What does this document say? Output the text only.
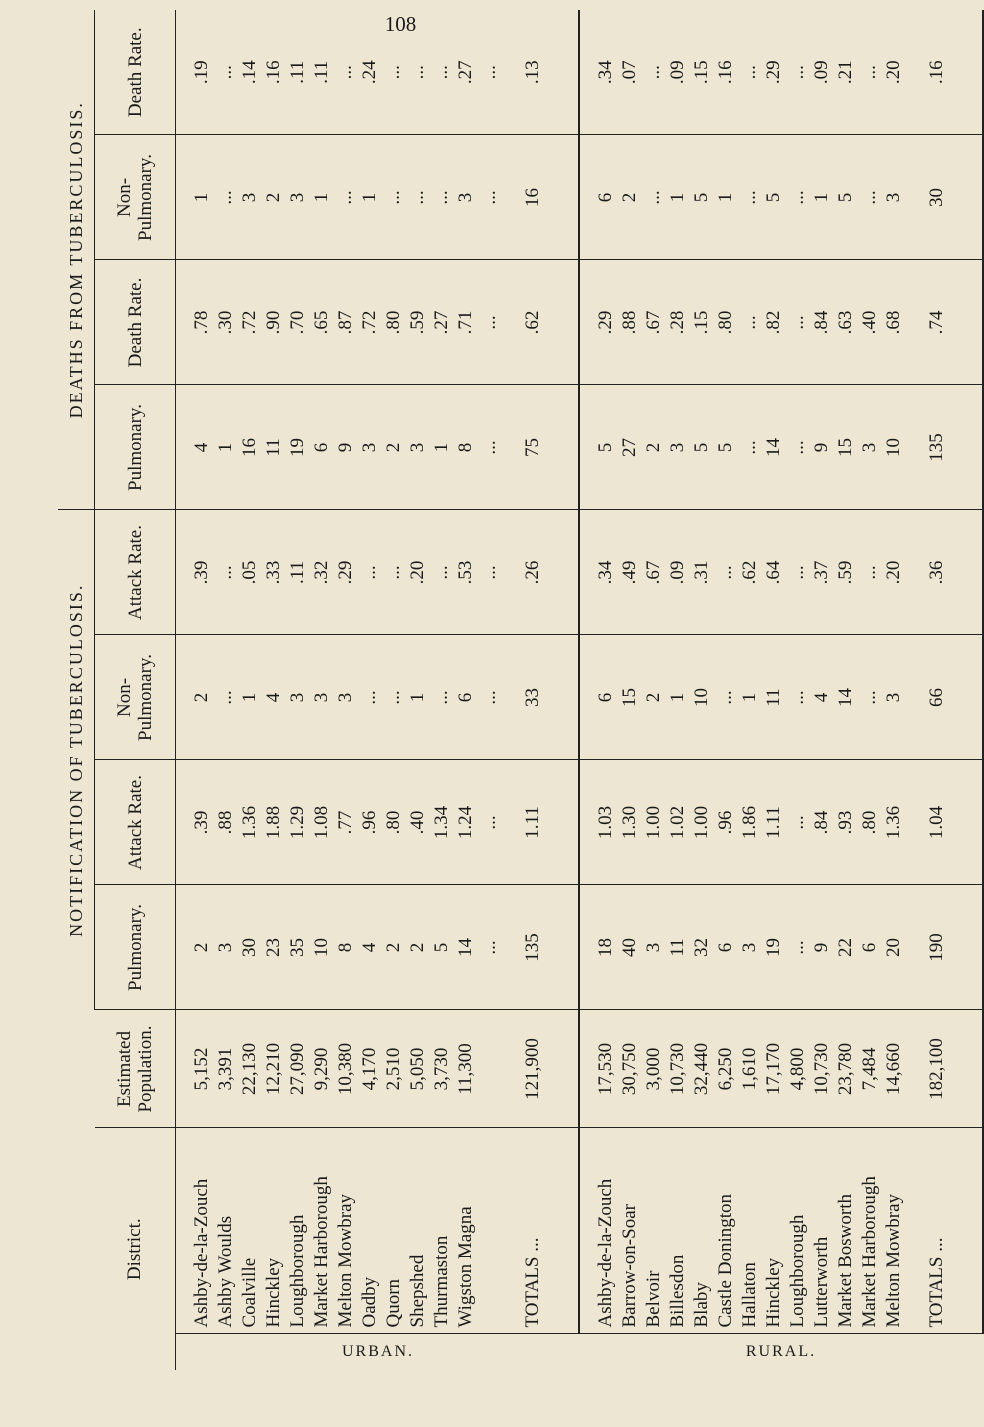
108
			NOTIFICATION OF TUBERCULOSIS.				DEATHS FROM TUBERCULOSIS.			
District.		Estimated Population.	Pulmonary.	Attack Rate.	Non-Pulmonary.	Attack Rate.	Pulmonary.	Death Rate.	Non-Pulmonary.	Death Rate.

URBAN.										

	Ashby-de-la-Zouch	5,152	2	.39	2	.39	4	.78	1	.19
	Ashby Woulds	3,391	3	.88	...	...	1	.30	...	...
	Coalville	22,130	30	1.36	1	.05	16	.72	3	.14
	Hinckley	12,210	23	1.88	4	.33	11	.90	2	.16
	Loughborough	27,090	35	1.29	3	.11	19	.70	3	.11
	Market Harborough	9,290	10	1.08	3	.32	6	.65	1	.11
	Melton Mowbray	10,380	8	.77	3	.29	9	.87	...	...
	Oadby	4,170	4	.96	...	...	3	.72	1	.24
	Quorn	2,510	2	.80	...	...	2	.80	...	...
	Shepshed	5,050	2	.40	1	.20	3	.59	...	...
	Thurmaston	3,730	5	1.34	...	...	1	.27	...	...
	Wigston Magna	11,300	14	1.24	6	.53	8	.71	3	.27
			...	...	...	...	...	...	...	...

	TOTALS ...	121,900	135	1.11	33	.26	75	.62	16	.13

RURAL.										

	Ashby-de-la-Zouch	17,530	18	1.03	6	.34	5	.29	6	.34
	Barrow-on-Soar	30,750	40	1.30	15	.49	27	.88	2	.07
	Belvoir	3,000	3	1.00	2	.67	2	.67	...	...
	Billesdon	10,730	11	1.02	1	.09	3	.28	1	.09
	Blaby	32,440	32	1.00	10	.31	5	.15	5	.15
	Castle Donington	6,250	6	.96	...	...	5	.80	1	.16
	Hallaton	1,610	3	1.86	1	.62	...	...	...	...
	Hinckley	17,170	19	1.11	11	.64	14	.82	5	.29
	Loughborough	4,800	...	...	...	...	...	...	...	...
	Lutterworth	10,730	9	.84	4	.37	9	.84	1	.09
	Market Bosworth	23,780	22	.93	14	.59	15	.63	5	.21
	Market Harborough	7,484	6	.80	...	...	3	.40	...	...
	Melton Mowbray	14,660	20	1.36	3	.20	10	.68	3	.20

	TOTALS ...	182,100	190	1.04	66	.36	135	.74	30	.16
